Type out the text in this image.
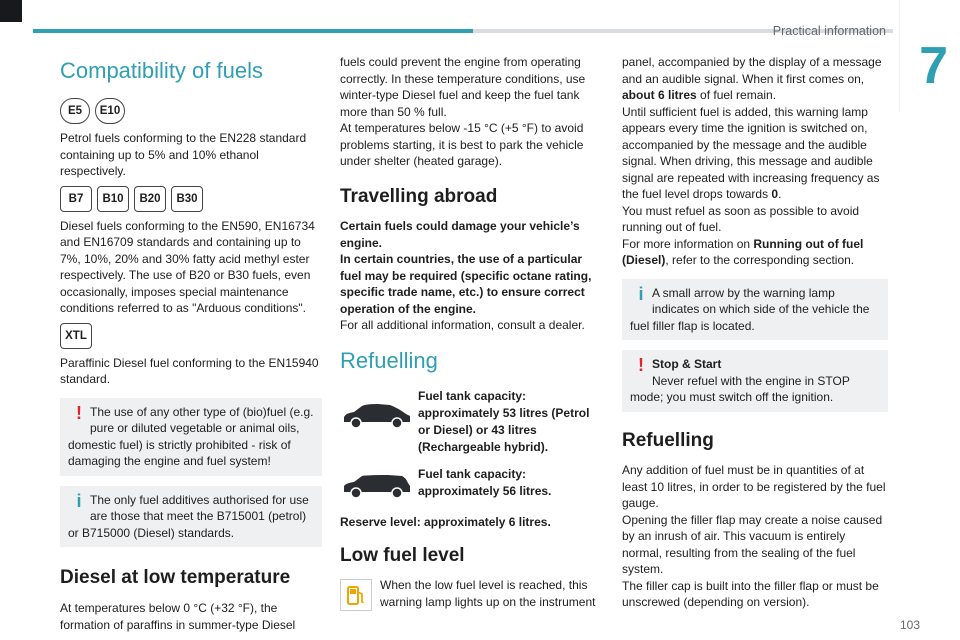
Practical information
7
Compatibility of fuels
E5	E10

Petrol fuels conforming to the EN228 standard containing up to 5% and 10% ethanol respectively.

B7	B10	B20	B30

Diesel fuels conforming to the EN590, EN16734 and EN16709 standards and containing up to 7%, 10%, 20% and 30% fatty acid methyl ester respectively. The use of B20 or B30 fuels, even occasionally, imposes special maintenance conditions referred to as "Arduous conditions".

XTL

Paraffinic Diesel fuel conforming to the EN15940 standard.

! The use of any other type of (bio)fuel (e.g. pure or diluted vegetable or animal oils, domestic fuel) is strictly prohibited - risk of damaging the engine and fuel system!
i The only fuel additives authorised for use are those that meet the B715001 (petrol) or B715000 (Diesel) standards.
Diesel at low temperature

At temperatures below 0 °C (+32 °F), the formation of paraffins in summer-type Diesel

fuels could prevent the engine from operating correctly. In these temperature conditions, use winter-type Diesel fuel and keep the fuel tank more than 50 % full.

At temperatures below -15 °C (+5 °F) to avoid problems starting, it is best to park the vehicle under shelter (heated garage).

Travelling abroad

Certain fuels could damage your vehicle’s engine.

In certain countries, the use of a particular fuel may be required (specific octane rating, specific trade name, etc.) to ensure correct operation of the engine.

For all additional information, consult a dealer.

Refuelling
Fuel tank capacity: approximately 53 litres (Petrol or Diesel) or 43 litres (Rechargeable hybrid).
Fuel tank capacity: approximately 56 litres.

Reserve level: approximately 6 litres.

Low fuel level

When the low fuel level is reached, this warning lamp lights up on the instrument

panel, accompanied by the display of a message and an audible signal. When it first comes on, about 6 litres of fuel remain.

Until sufficient fuel is added, this warning lamp appears every time the ignition is switched on, accompanied by the message and the audible signal. When driving, this message and audible signal are repeated with increasing frequency as the fuel level drops towards 0.

You must refuel as soon as possible to avoid running out of fuel.

For more information on Running out of fuel (Diesel), refer to the corresponding section.

i A small arrow by the warning lamp indicates on which side of the vehicle the fuel filler flap is located.
! Stop & Start
Never refuel with the engine in STOP mode; you must switch off the ignition.
Refuelling

Any addition of fuel must be in quantities of at least 10 litres, in order to be registered by the fuel gauge.

Opening the filler flap may create a noise caused by an inrush of air. This vacuum is entirely normal, resulting from the sealing of the fuel system.

The filler cap is built into the filler flap or must be unscrewed (depending on version).

103
